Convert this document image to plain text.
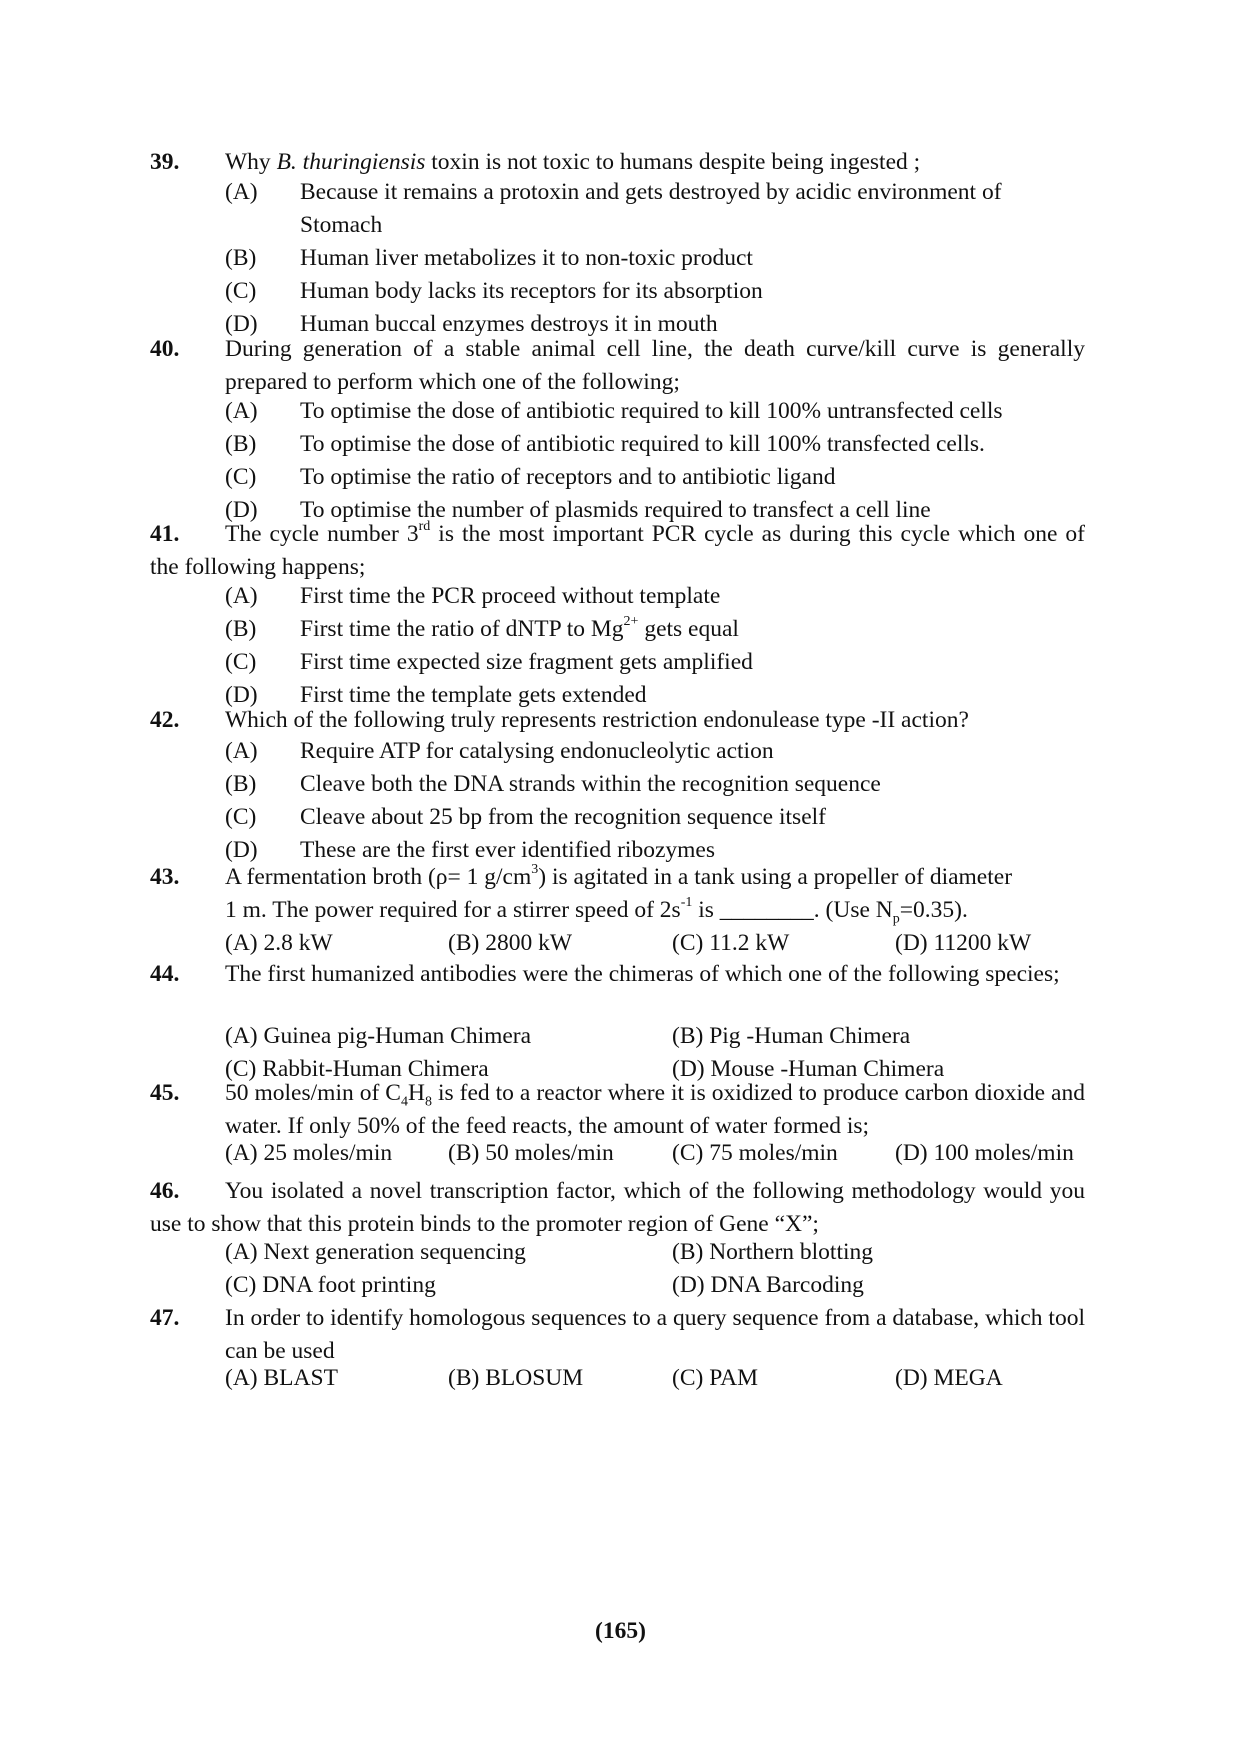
39. Why B. thuringiensis toxin is not toxic to humans despite being ingested ;
(A)	Because it remains a protoxin and gets destroyed by acidic environment of Stomach
(B)	Human liver metabolizes it to non-toxic product
(C)	Human body lacks its receptors for its absorption
(D)	Human buccal enzymes destroys it in mouth
40. During generation of a stable animal cell line, the death curve/kill curve is generally prepared to perform which one of the following;
(A)	To optimise the dose of antibiotic required to kill 100% untransfected cells
(B)	To optimise the dose of antibiotic required to kill 100% transfected cells.
(C)	To optimise the ratio of receptors and to antibiotic ligand
(D)	To optimise the number of plasmids required to transfect a cell line
41.	The cycle number 3rd is the most important PCR cycle as during this cycle which one of the following happens;
(A)	First time the PCR proceed without template
(B)	First time the ratio of dNTP to $Mg^{2+}$ gets equal
(C)	First time expected size fragment gets amplified
(D)	First time the template gets extended
42. Which of the following truly represents restriction endonulease type -II action?
(A)	Require ATP for catalysing endonucleolytic action
(B)	Cleave both the DNA strands within the recognition sequence
(C)	Cleave about 25 bp from the recognition sequence itself
(D)	These are the first ever identified ribozymes
43. A fermentation broth (ρ= 1 $g/cm^3$) is agitated in a tank using a propeller of diameter
1 m. The power required for a stirrer speed of $2s^{-1}$ is ________. (Use $N_p=0.35$).
(A) 2.8 kW	(B) 2800 kW	(C) 11.2 kW	(D) 11200 kW
44.	The first humanized antibodies were the chimeras of which one of the following species;
(A) Guinea pig-Human Chimera	(B) Pig -Human Chimera
(C) Rabbit-Human Chimera	(D) Mouse -Human Chimera
45. 50 moles/min of $C_4H_8$ is fed to a reactor where it is oxidized to produce carbon dioxide and water. If only 50% of the feed reacts, the amount of water formed is;
(A) 25 moles/min (B) 50 moles/min (C) 75 moles/min (D) 100 moles/min
46.	You isolated a novel transcription factor, which of the following methodology would you use to show that this protein binds to the promoter region of Gene “X”;
(A) Next generation sequencing	(B) Northern blotting
(C) DNA foot printing	(D) DNA Barcoding
47. In order to identify homologous sequences to a query sequence from a database, which tool can be used
(A) BLAST	(B) BLOSUM	(C) PAM	(D) MEGA
(165)
